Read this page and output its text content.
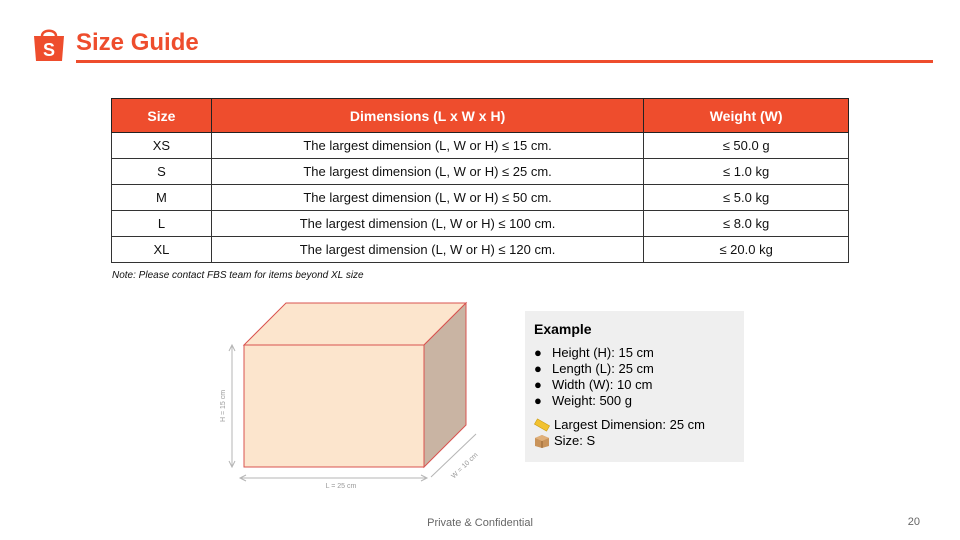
S Size Guide
Size	Dimensions (L x W x H)	Weight (W)
XS	The largest dimension (L, W or H) ≤ 15 cm.	≤ 50.0 g
S	The largest dimension (L, W or H) ≤ 25 cm.	≤ 1.0 kg
M	The largest dimension (L, W or H) ≤ 50 cm.	≤ 5.0 kg
L	The largest dimension (L, W or H) ≤ 100 cm.	≤ 8.0 kg
XL	The largest dimension (L, W or H) ≤ 120 cm.	≤ 20.0 kg
Note: Please contact FBS team for items beyond XL size
H = 15 cm
L = 25 cm
W = 10 cm
Example
● Height (H): 15 cm
● Length (L): 25 cm
● Width (W): 10 cm
● Weight: 500 g
Largest Dimension: 25 cm
Size: S
Private & Confidential	20
